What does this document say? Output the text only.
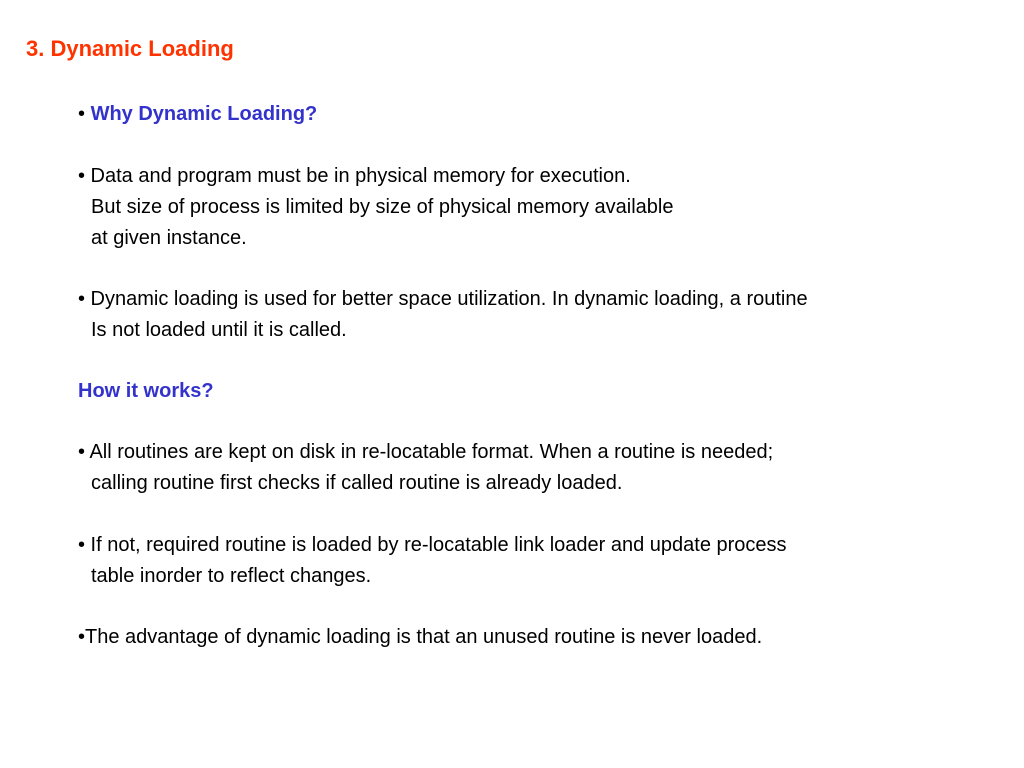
3. Dynamic Loading
• Why Dynamic Loading?
• Data and program must be in physical memory for execution.
But size of process is limited by size of physical memory available
at given instance.
• Dynamic loading is used for better space utilization. In dynamic loading, a routine
Is not loaded until it is called.
How it works?
• All routines are kept on disk in re-locatable format. When a routine is needed;
calling routine first checks if called routine is already loaded.
• If not, required routine is loaded by re-locatable link loader and update process
table inorder to reflect changes.
•The advantage of dynamic loading is that an unused routine is never loaded.
